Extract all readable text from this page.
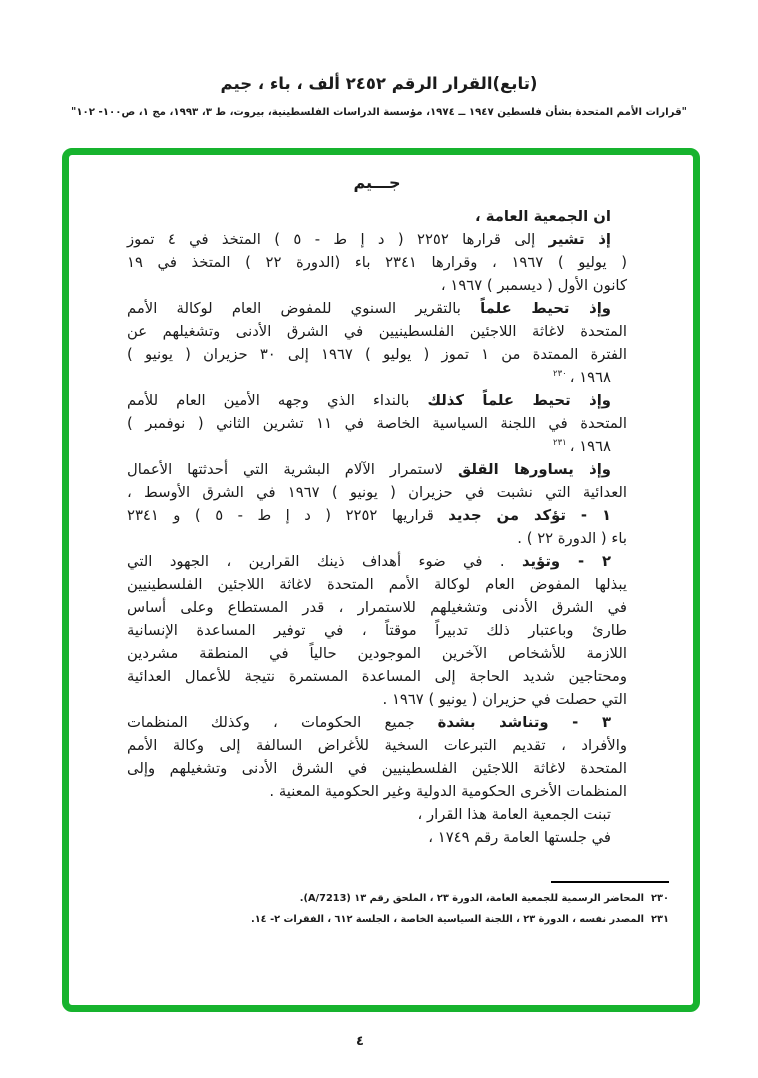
(تابع)القرار الرقم ٢٤٥٢ ألف ، باء ، جيم
"قرارات الأمم المتحدة بشأن فلسطين ١٩٤٧ ــ ١٩٧٤، مؤسسة الدراسات الفلسطينية، بيروت، ط ٣، ١٩٩٣، مج ١، ص١٠٠- ١٠٢"
جـــيم
ان الجمعية العامة ،
إذ تشير إلى قرارها ٢٢٥٢ ( د إ ط - ٥ ) المتخذ في ٤ تموز
( يوليو ) ١٩٦٧ ، وقرارها ٢٣٤١ باء (الدورة ٢٢ ) المتخذ في ١٩
كانون الأول ( ديسمبر ) ١٩٦٧ ،
وإذ تحيط علماً بالتقرير السنوي للمفوض العام لوكالة الأمم
المتحدة لاغاثة اللاجئين الفلسطينيين في الشرق الأدنى وتشغيلهم عن
الفترة الممتدة من ١ تموز ( يوليو ) ١٩٦٧ إلى ٣٠ حزيران ( يونيو )
١٩٦٨ ،$^{٢٣٠}$
وإذ تحيط علماً كذلك بالنداء الذي وجهه الأمين العام للأمم
المتحدة في اللجنة السياسية الخاصة في ١١ تشرين الثاني ( نوفمبر )
١٩٦٨ ،$^{٢٣١}$
وإذ يساورها القلق لاستمرار الآلام البشرية التي أحدثتها الأعمال
العدائية التي نشبت في حزيران ( يونيو ) ١٩٦٧ في الشرق الأوسط ،
١ - تؤكد من جديد قراريها ٢٢٥٢ ( د إ ط - ٥ ) و ٢٣٤١
باء ( الدورة ٢٢ ) .
٢ - وتؤيد . في ضوء أهداف ذينك القرارين ، الجهود التي
يبذلها المفوض العام لوكالة الأمم المتحدة لاغاثة اللاجئين الفلسطينيين
في الشرق الأدنى وتشغيلهم للاستمرار ، قدر المستطاع وعلى أساس
طارئ وباعتبار ذلك تدبيراً موقتاً ، في توفير المساعدة الإنسانية
اللازمة للأشخاص الآخرين الموجودين حالياً في المنطقة مشردين
ومحتاجين شديد الحاجة إلى المساعدة المستمرة نتيجة للأعمال العدائية
التي حصلت في حزيران ( يونيو ) ١٩٦٧ .
٣ - وتناشد بشدة جميع الحكومات ، وكذلك المنظمات
والأفراد ، تقديم التبرعات السخية للأغراض السالفة إلى وكالة الأمم
المتحدة لاغاثة اللاجئين الفلسطينيين في الشرق الأدنى وتشغيلهم وإلى
المنظمات الأخرى الحكومية الدولية وغير الحكومية المعنية .
تبنت الجمعية العامة هذا القرار ،
في جلستها العامة رقم ١٧٤٩ ،
٢٣٠المحاضر الرسمية للجمعية العامة، الدورة ٢٣ ، الملحق رقم ١٣ (A/7213).
٢٣١المصدر نفسه ، الدورة ٢٣ ، اللجنة السياسية الخاصة ، الجلسة ٦١٢ ، الفقرات ٢- ١٤.
٤
